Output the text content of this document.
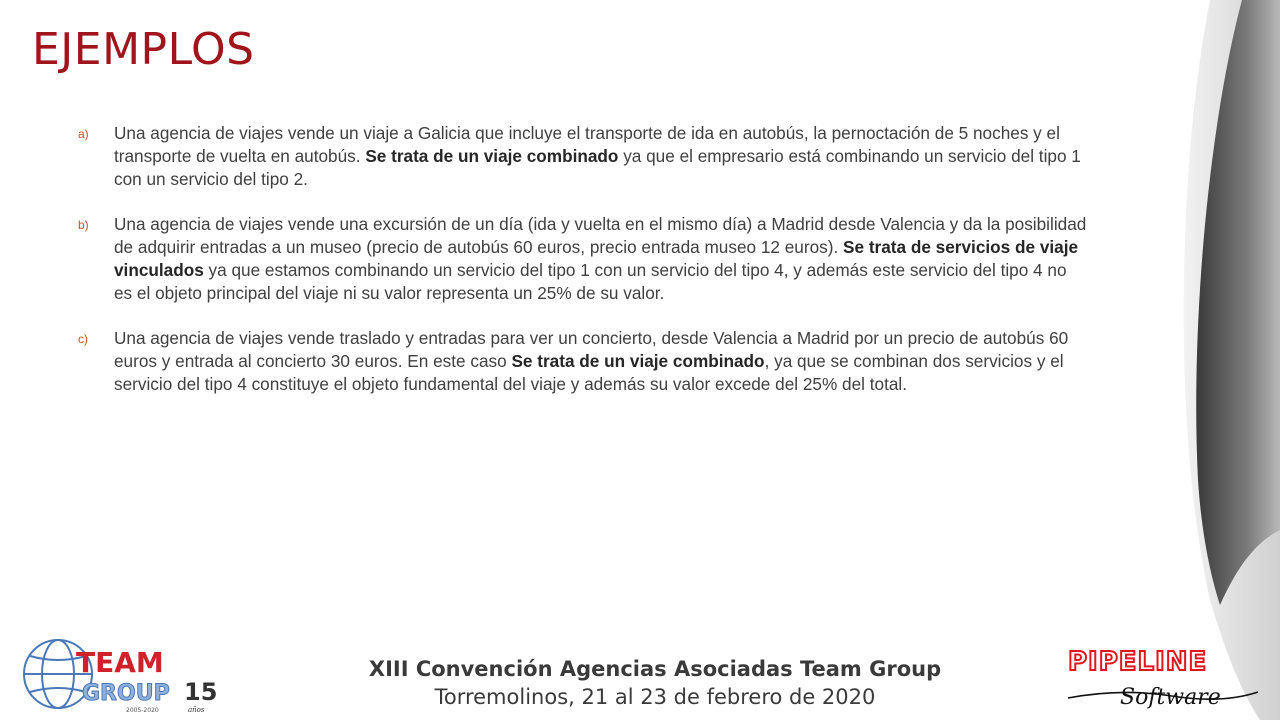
EJEMPLOS
a) Una agencia de viajes vende un viaje a Galicia que incluye el transporte de ida en autobús, la pernoctación de 5 noches y el transporte de vuelta en autobús. Se trata de un viaje combinado ya que el empresario está combinando un servicio del tipo 1 con un servicio del tipo 2.
b) Una agencia de viajes vende una excursión de un día (ida y vuelta en el mismo día) a Madrid desde Valencia y da la posibilidad de adquirir entradas a un museo (precio de autobús 60 euros, precio entrada museo 12 euros). Se trata de servicios de viaje vinculados ya que estamos combinando un servicio del tipo 1 con un servicio del tipo 4, y además este servicio del tipo 4 no es el objeto principal del viaje ni su valor representa un 25% de su valor.
c) Una agencia de viajes vende traslado y entradas para ver un concierto, desde Valencia a Madrid por un precio de autobús 60 euros y entrada al concierto 30 euros. En este caso Se trata de un viaje combinado, ya que se combinan dos servicios y el servicio del tipo 4 constituye el objeto fundamental del viaje y además su valor excede del 25% del total.
TEAM
GROUP 15
años
2005-2020
XIII Convención Agencias Asociadas Team Group
Torremolinos, 21 al 23 de febrero de 2020
PIPELINE
Software
